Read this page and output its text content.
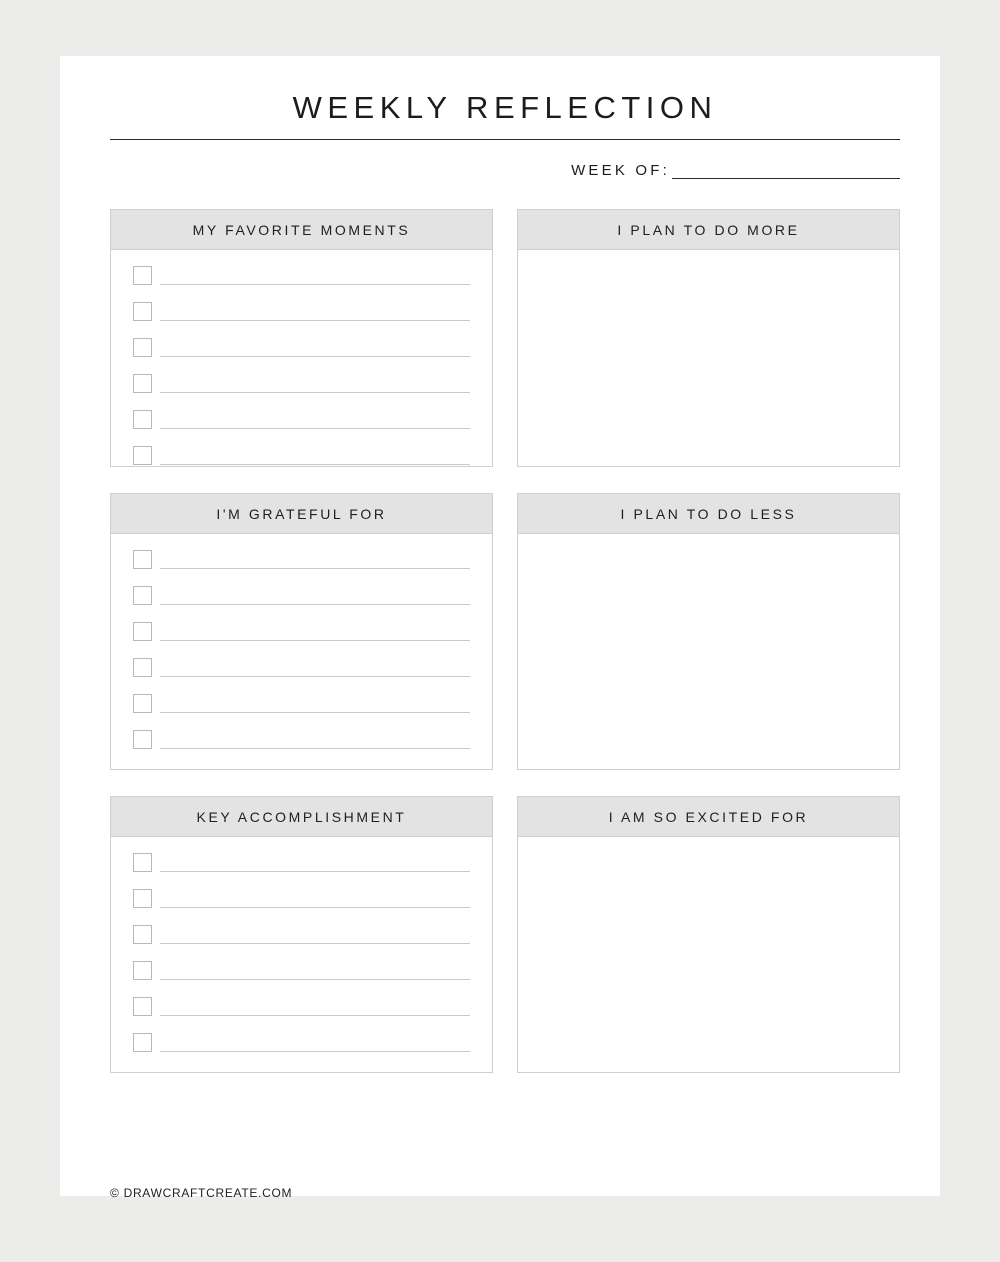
WEEKLY REFLECTION
WEEK OF:
MY FAVORITE MOMENTS	I PLAN TO DO MORE
I'M GRATEFUL FOR	I PLAN TO DO LESS
KEY ACCOMPLISHMENT	I AM SO EXCITED FOR
© DRAWCRAFTCREATE.COM
